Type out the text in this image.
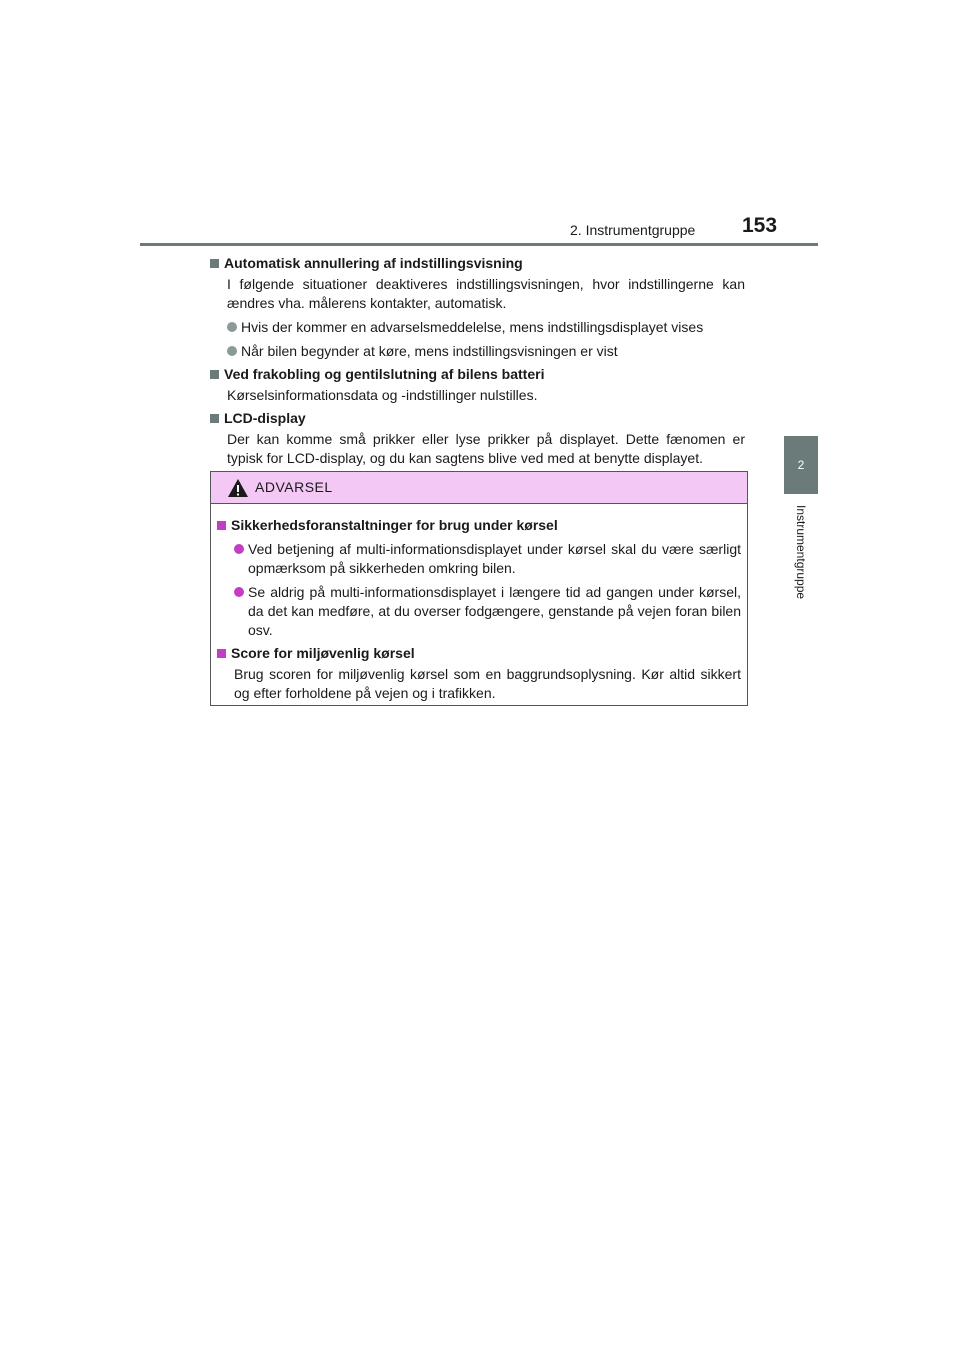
2. Instrumentgruppe 153
2
Instrumentgruppe
Automatisk annullering af indstillingsvisning
I følgende situationer deaktiveres indstillingsvisningen, hvor indstillingerne kan ændres vha. målerens kontakter, automatisk.
Hvis der kommer en advarselsmeddelelse, mens indstillingsdisplayet vises
Når bilen begynder at køre, mens indstillingsvisningen er vist
Ved frakobling og gentilslutning af bilens batteri
Kørselsinformationsdata og -indstillinger nulstilles.
LCD-display
Der kan komme små prikker eller lyse prikker på displayet. Dette fænomen er typisk for LCD-display, og du kan sagtens blive ved med at benytte displayet.
ADVARSEL
Sikkerhedsforanstaltninger for brug under kørsel
Ved betjening af multi-informationsdisplayet under kørsel skal du være særligt opmærksom på sikkerheden omkring bilen.
Se aldrig på multi-informationsdisplayet i længere tid ad gangen under kørsel, da det kan medføre, at du overser fodgængere, genstande på vejen foran bilen osv.
Score for miljøvenlig kørsel
Brug scoren for miljøvenlig kørsel som en baggrundsoplysning. Kør altid sikkert og efter forholdene på vejen og i trafikken.
